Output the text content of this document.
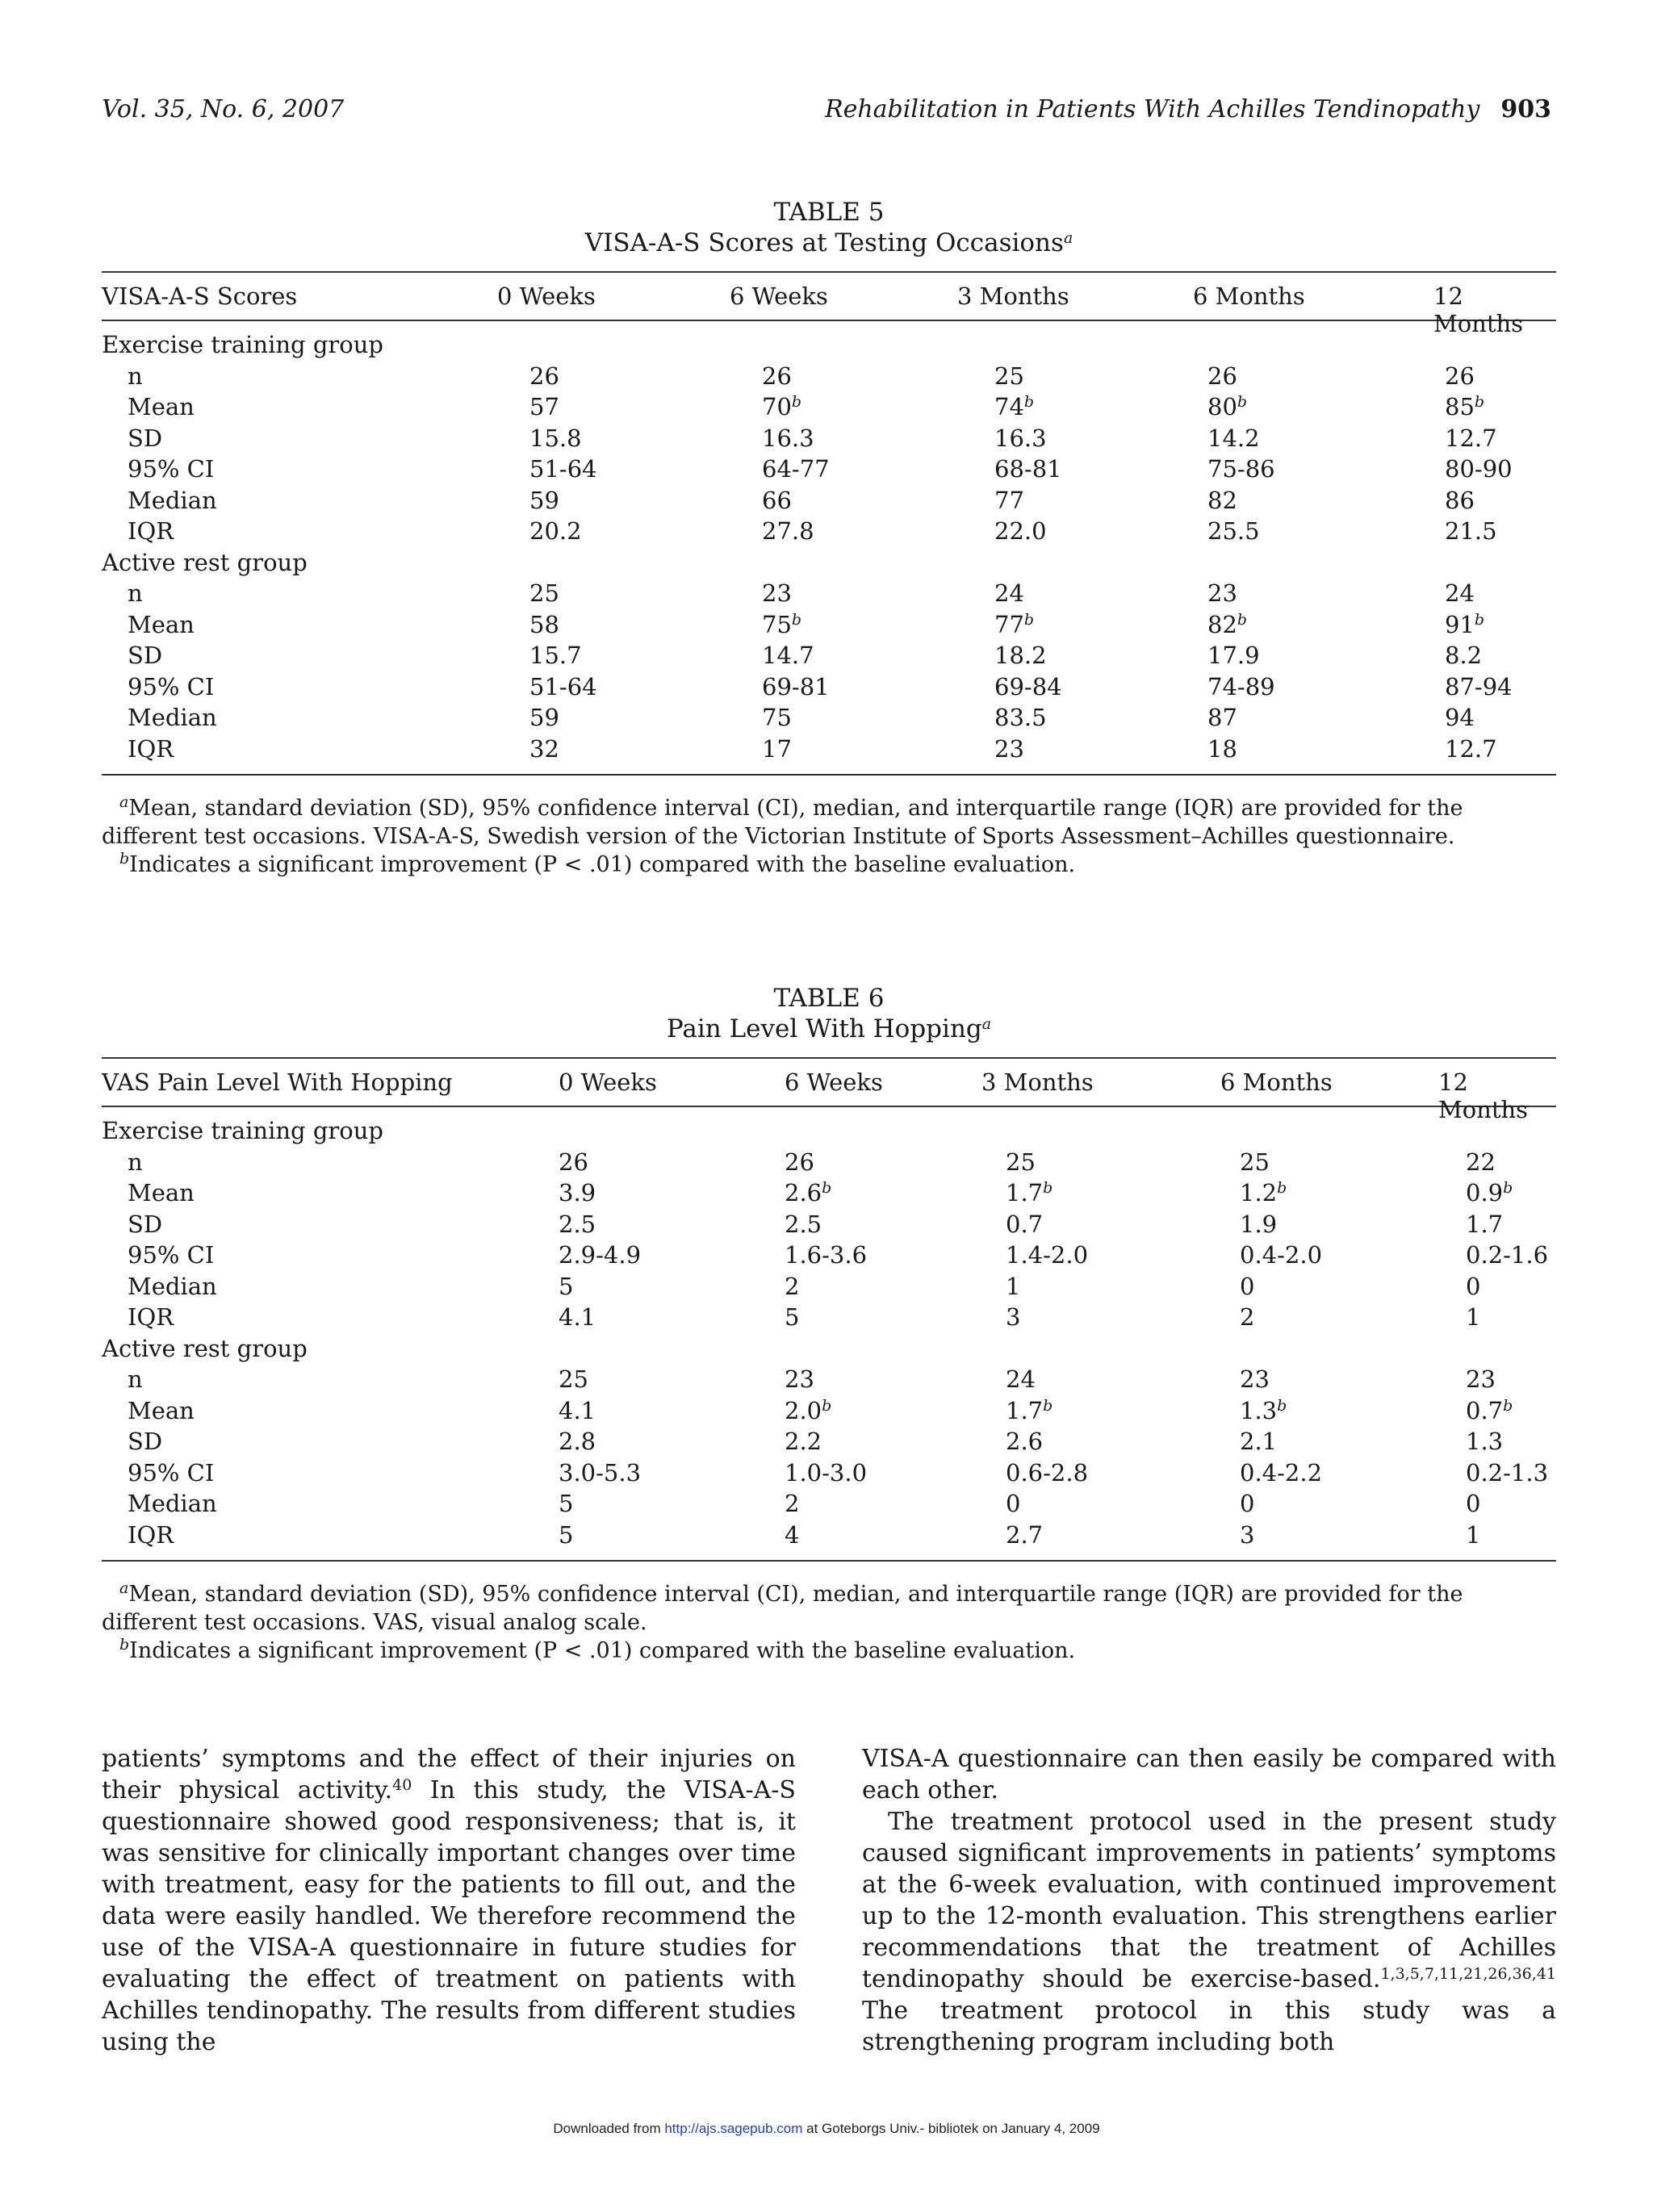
Vol. 35, No. 6, 2007	Rehabilitation in Patients With Achilles Tendinopathy 903
TABLE 5
VISA-A-S Scores at Testing Occasions$^a$
VISA-A-S Scores	0 Weeks	6 Weeks	3 Months	6 Months	12 Months
Exercise training group
n	26	26	25	26	26
Mean	57	70$^b$	74$^b$	80$^b$	85$^b$
SD	15.8	16.3	16.3	14.2	12.7
95% CI	51-64	64-77	68-81	75-86	80-90
Median	59	66	77	82	86
IQR	20.2	27.8	22.0	25.5	21.5
Active rest group
n	25	23	24	23	24
Mean	58	75$^b$	77$^b$	82$^b$	91$^b$
SD	15.7	14.7	18.2	17.9	8.2
95% CI	51-64	69-81	69-84	74-89	87-94
Median	59	75	83.5	87	94
IQR	32	17	23	18	12.7

$^a$Mean, standard deviation (SD), 95% confidence interval (CI), median, and interquartile range (IQR) are provided for the different test occasions. VISA-A-S, Swedish version of the Victorian Institute of Sports Assessment–Achilles questionnaire.

$^b$Indicates a significant improvement (P < .01) compared with the baseline evaluation.

TABLE 6
Pain Level With Hopping$^a$
VAS Pain Level With Hopping	0 Weeks	6 Weeks	3 Months	6 Months	12 Months
Exercise training group
n	26	26	25	25	22
Mean	3.9	2.6$^b$	1.7$^b$	1.2$^b$	0.9$^b$
SD	2.5	2.5	0.7	1.9	1.7
95% CI	2.9-4.9	1.6-3.6	1.4-2.0	0.4-2.0	0.2-1.6
Median	5	2	1	0	0
IQR	4.1	5	3	2	1
Active rest group
n	25	23	24	23	23
Mean	4.1	2.0$^b$	1.7$^b$	1.3$^b$	0.7$^b$
SD	2.8	2.2	2.6	2.1	1.3
95% CI	3.0-5.3	1.0-3.0	0.6-2.8	0.4-2.2	0.2-1.3
Median	5	2	0	0	0
IQR	5	4	2.7	3	1

$^a$Mean, standard deviation (SD), 95% confidence interval (CI), median, and interquartile range (IQR) are provided for the different test occasions. VAS, visual analog scale.

$^b$Indicates a significant improvement (P < .01) compared with the baseline evaluation.

patients’ symptoms and the effect of their injuries on their physical activity.$^{40}$ In this study, the VISA-A-S questionnaire showed good responsiveness; that is, it was sensitive for clinically important changes over time with treatment, easy for the patients to fill out, and the data were easily handled. We therefore recommend the use of the VISA-A questionnaire in future studies for evaluating the effect of treatment on patients with Achilles tendinopathy. The results from different studies using the

VISA-A questionnaire can then easily be compared with each other.

The treatment protocol used in the present study caused significant improvements in patients’ symptoms at the 6-week evaluation, with continued improvement up to the 12-month evaluation. This strengthens earlier recommendations that the treatment of Achilles tendinopathy should be exercise-based.$^{1,3,5,7,11,21,26,36,41}$ The treatment protocol in this study was a strengthening program including both

Downloaded from http://ajs.sagepub.com at Goteborgs Univ.- bibliotek on January 4, 2009
